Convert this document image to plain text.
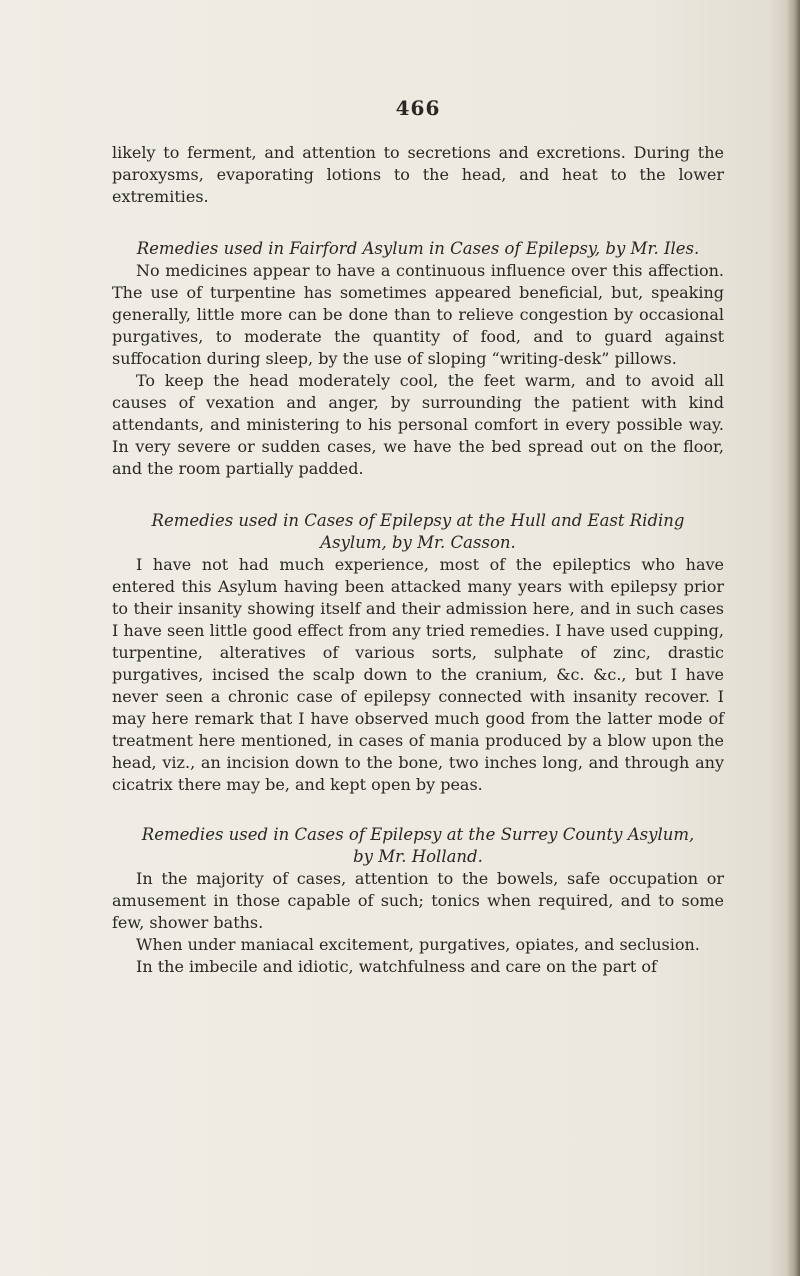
466

likely to ferment, and attention to secretions and excretions. During the paroxysms, evaporating lotions to the head, and heat to the lower extremities.

Remedies used in Fairford Asylum in Cases of Epilepsy, by Mr. Iles.

No medicines appear to have a continuous influence over this affection. The use of turpentine has sometimes appeared beneficial, but, speaking generally, little more can be done than to relieve congestion by occasional purgatives, to moderate the quantity of food, and to guard against suffocation during sleep, by the use of sloping “writing-desk” pillows.

To keep the head moderately cool, the feet warm, and to avoid all causes of vexation and anger, by surrounding the patient with kind attendants, and ministering to his personal comfort in every possible way. In very severe or sudden cases, we have the bed spread out on the floor, and the room partially padded.

Remedies used in Cases of Epilepsy at the Hull and East Riding Asylum, by Mr. Casson.

I have not had much experience, most of the epileptics who have entered this Asylum having been attacked many years with epilepsy prior to their insanity showing itself and their admission here, and in such cases I have seen little good effect from any tried remedies. I have used cupping, turpentine, alteratives of various sorts, sulphate of zinc, drastic purgatives, incised the scalp down to the cranium, &c. &c., but I have never seen a chronic case of epilepsy connected with insanity recover. I may here remark that I have observed much good from the latter mode of treatment here mentioned, in cases of mania produced by a blow upon the head, viz., an incision down to the bone, two inches long, and through any cicatrix there may be, and kept open by peas.

Remedies used in Cases of Epilepsy at the Surrey County Asylum, by Mr. Holland.

In the majority of cases, attention to the bowels, safe occupation or amusement in those capable of such; tonics when required, and to some few, shower baths.

When under maniacal excitement, purgatives, opiates, and seclusion.

In the imbecile and idiotic, watchfulness and care on the part of
